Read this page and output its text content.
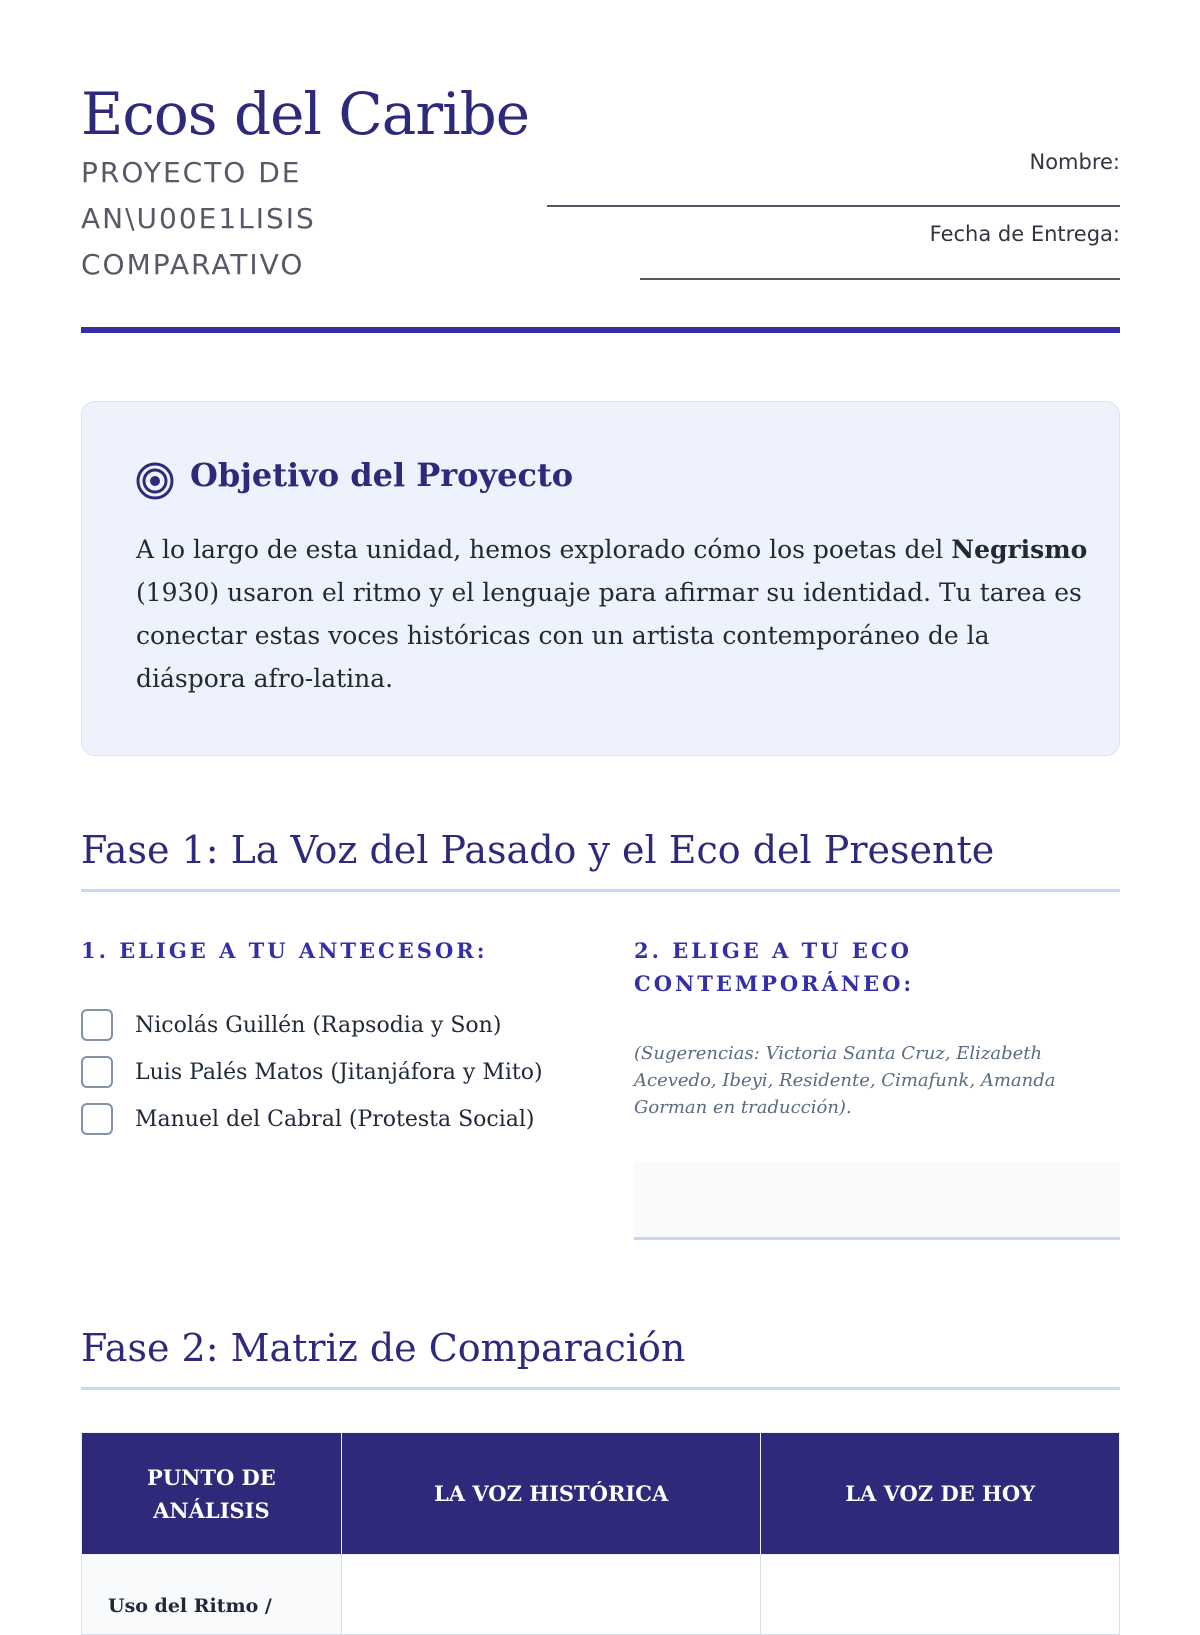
Ecos del Caribe
PROYECTO DE AN\U00E1LISIS COMPARATIVO
Nombre:
Fecha de Entrega:
Objetivo del Proyecto

A lo largo de esta unidad, hemos explorado cómo los poetas del Negrismo (1930) usaron el ritmo y el lenguaje para afirmar su identidad. Tu tarea es conectar estas voces históricas con un artista contemporáneo de la diáspora afro-latina.

Fase 1: La Voz del Pasado y el Eco del Presente
1. ELIGE A TU ANTECESOR:
Nicolás Guillén (Rapsodia y Son)
Luis Palés Matos (Jitanjáfora y Mito)
Manuel del Cabral (Protesta Social)
2. ELIGE A TU ECO CONTEMPORÁNEO:
(Sugerencias: Victoria Santa Cruz, Elizabeth Acevedo, Ibeyi, Residente, Cimafunk, Amanda Gorman en traducción).
Fase 2: Matriz de Comparación
PUNTO DE ANÁLISIS	LA VOZ HISTÓRICA	LA VOZ DE HOY
Uso del Ritmo /		
